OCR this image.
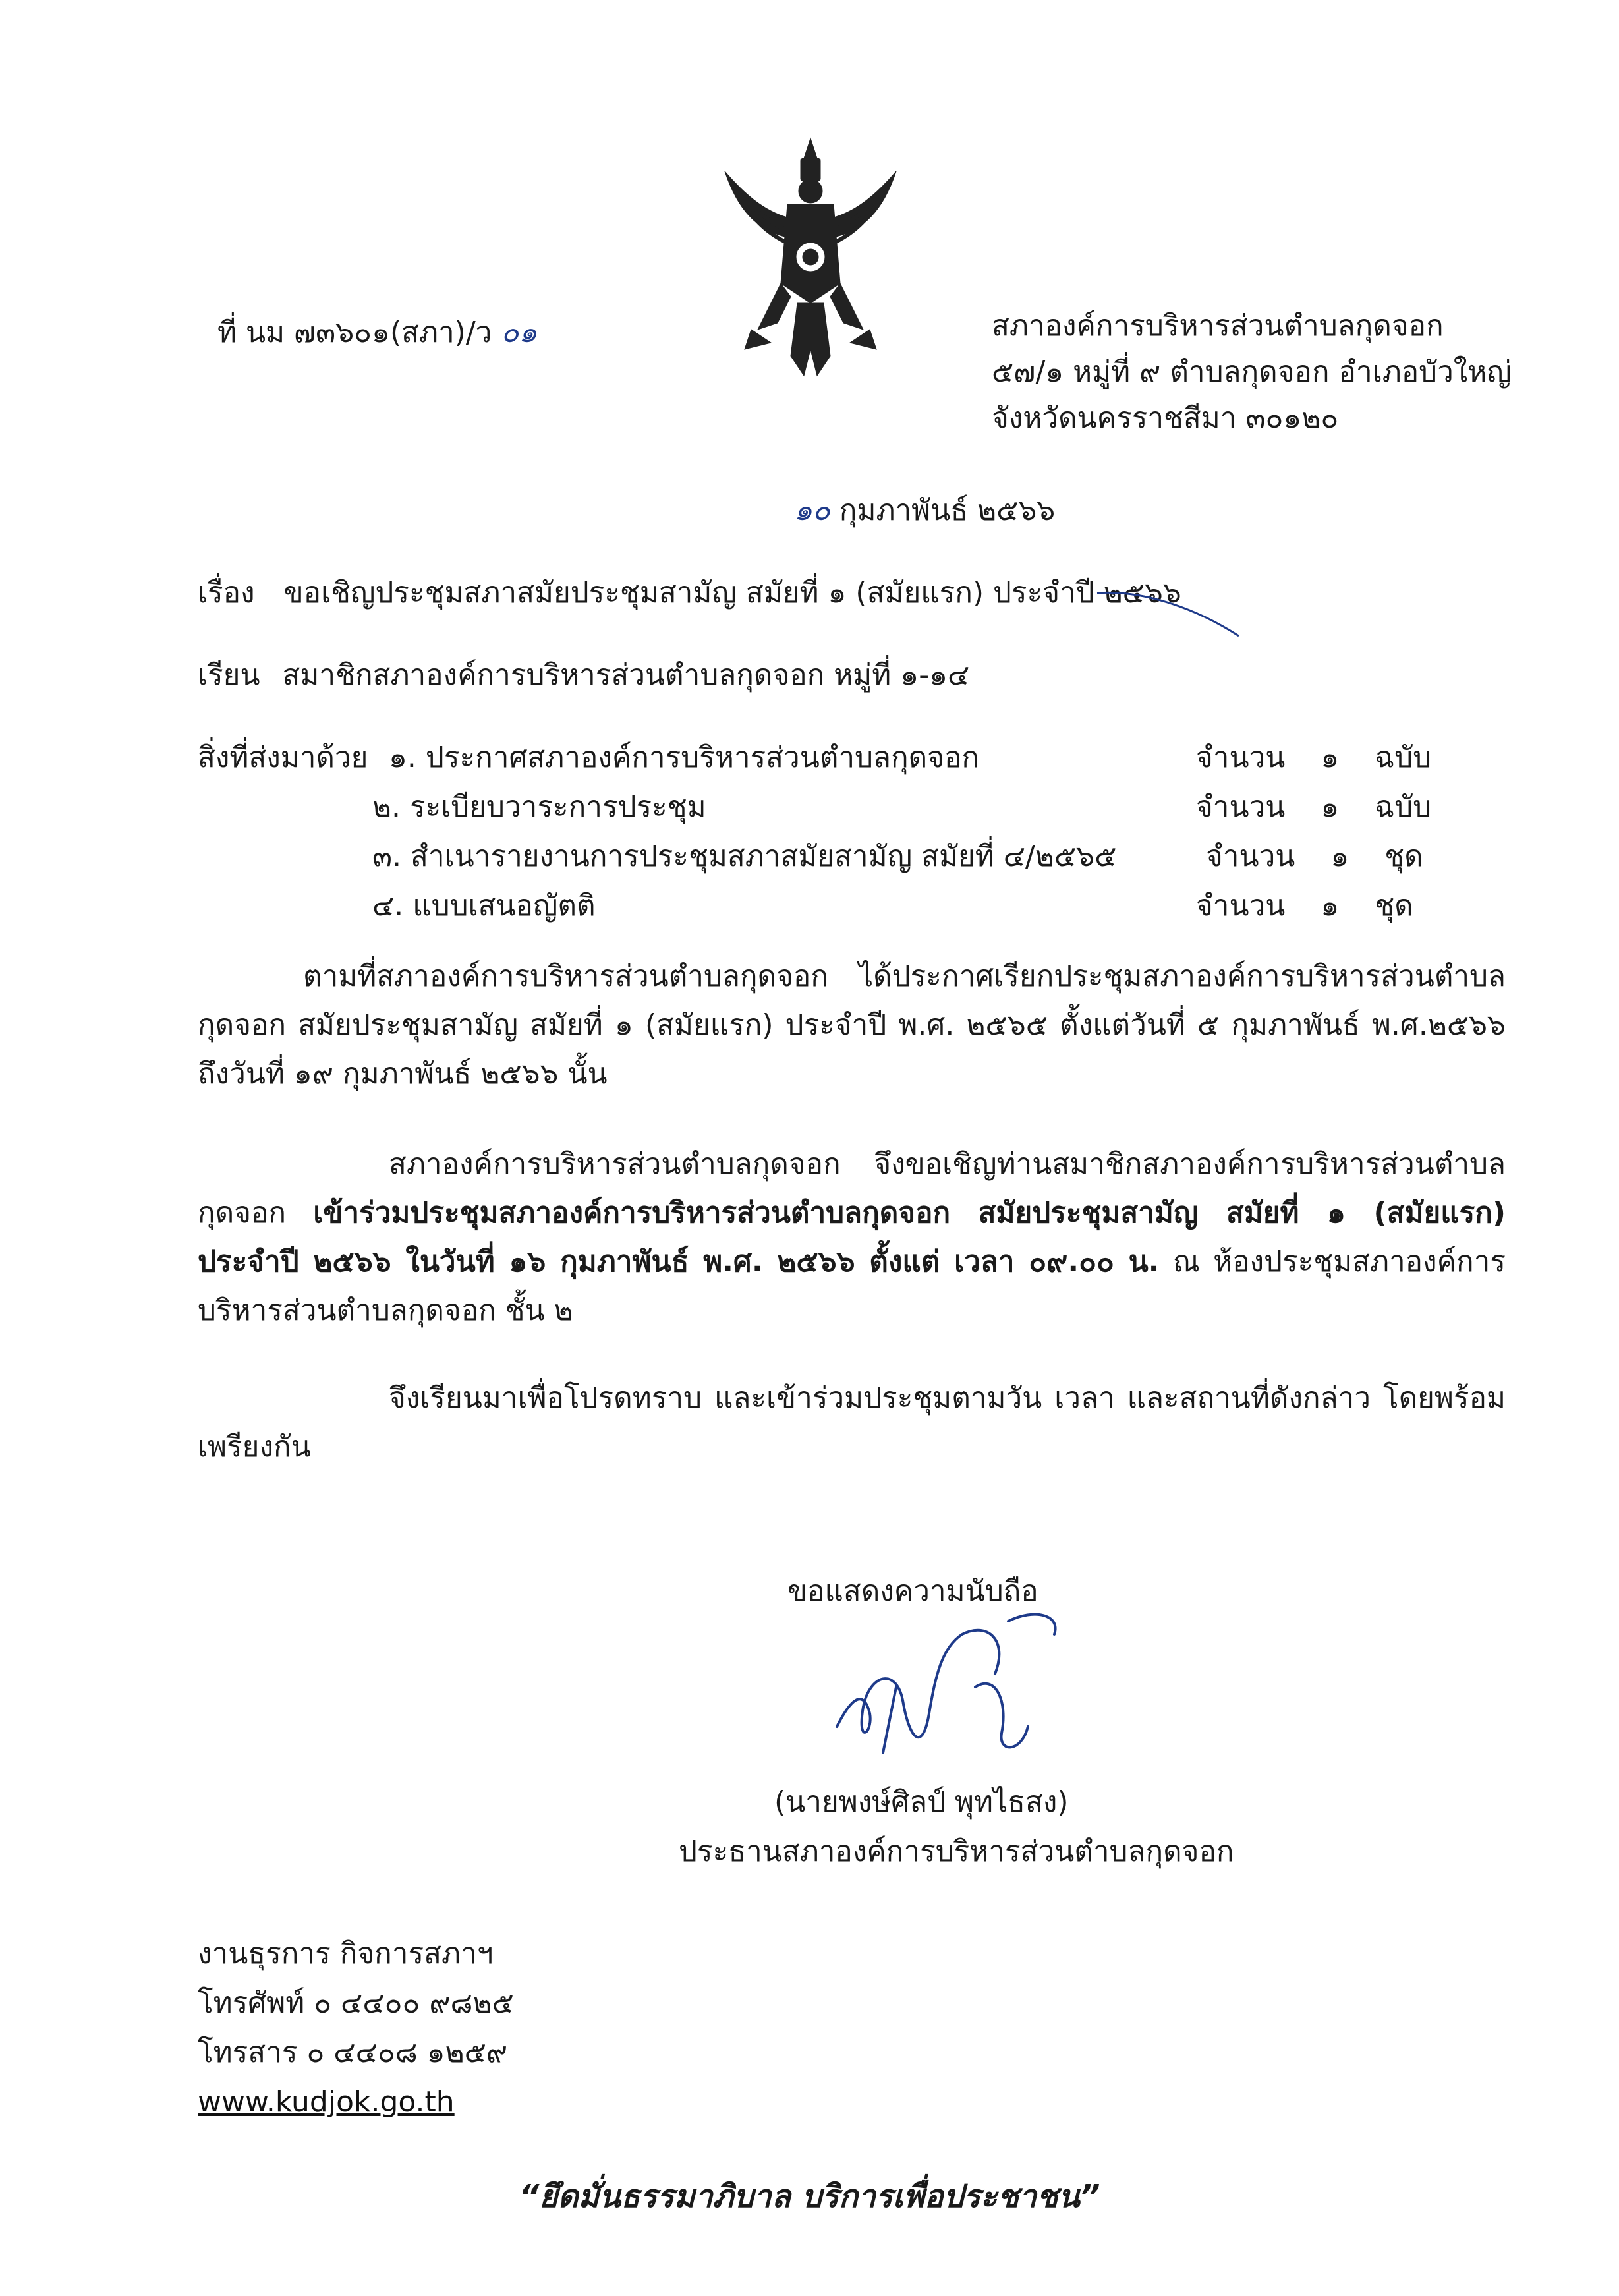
ที่ นม ๗๓๖๐๑(สภา)/ว ๐๑	สภาองค์การบริหารส่วนตำบลกุดจอก
๕๗/๑ หมู่ที่ ๙ ตำบลกุดจอก อำเภอบัวใหญ่
จังหวัดนครราชสีมา ๓๐๑๒๐
๑๐ กุมภาพันธ์ ๒๕๖๖
เรื่อง ขอเชิญประชุมสภาสมัยประชุมสามัญ สมัยที่ ๑ (สมัยแรก) ประจำปี ๒๕๖๖
เรียน สมาชิกสภาองค์การบริหารส่วนตำบลกุดจอก หมู่ที่ ๑-๑๔
สิ่งที่ส่งมาด้วย ๑. ประกาศสภาองค์การบริหารส่วนตำบลกุดจอก
๒. ระเบียบวาระการประชุม
๓. สำเนารายงานการประชุมสภาสมัยสามัญ สมัยที่ ๔/๒๕๖๕
๔. แบบเสนอญัตติ
จำนวน ๑ ฉบับ
จำนวน ๑ ฉบับ
จำนวน ๑ ชุด
จำนวน ๑ ชุด
ตามที่สภาองค์การบริหารส่วนตำบลกุดจอก ได้ประกาศเรียกประชุมสภาองค์การบริหารส่วนตำบลกุดจอก สมัยประชุมสามัญ สมัยที่ ๑ (สมัยแรก) ประจำปี พ.ศ. ๒๕๖๕ ตั้งแต่วันที่ ๕ กุมภาพันธ์ พ.ศ.๒๕๖๖ ถึงวันที่ ๑๙ กุมภาพันธ์ ๒๕๖๖ นั้น
สภาองค์การบริหารส่วนตำบลกุดจอก จึงขอเชิญท่านสมาชิกสภาองค์การบริหารส่วนตำบลกุดจอก เข้าร่วมประชุมสภาองค์การบริหารส่วนตำบลกุดจอก สมัยประชุมสามัญ สมัยที่ ๑ (สมัยแรก) ประจำปี ๒๕๖๖ ในวันที่ ๑๖ กุมภาพันธ์ พ.ศ. ๒๕๖๖ ตั้งแต่ เวลา ๐๙.๐๐ น. ณ ห้องประชุมสภาองค์การบริหารส่วนตำบลกุดจอก ชั้น ๒
จึงเรียนมาเพื่อโปรดทราบ และเข้าร่วมประชุมตามวัน เวลา และสถานที่ดังกล่าว โดยพร้อมเพรียงกัน
ขอแสดงความนับถือ
(นายพงษ์ศิลป์ พุทไธสง)
ประธานสภาองค์การบริหารส่วนตำบลกุดจอก
งานธุรการ กิจการสภาฯ
โทรศัพท์ ๐ ๔๔๐๐ ๙๘๒๕
โทรสาร ๐ ๔๔๐๘ ๑๒๕๙
www.kudjok.go.th
“ยึดมั่นธรรมาภิบาล บริการเพื่อประชาชน”
